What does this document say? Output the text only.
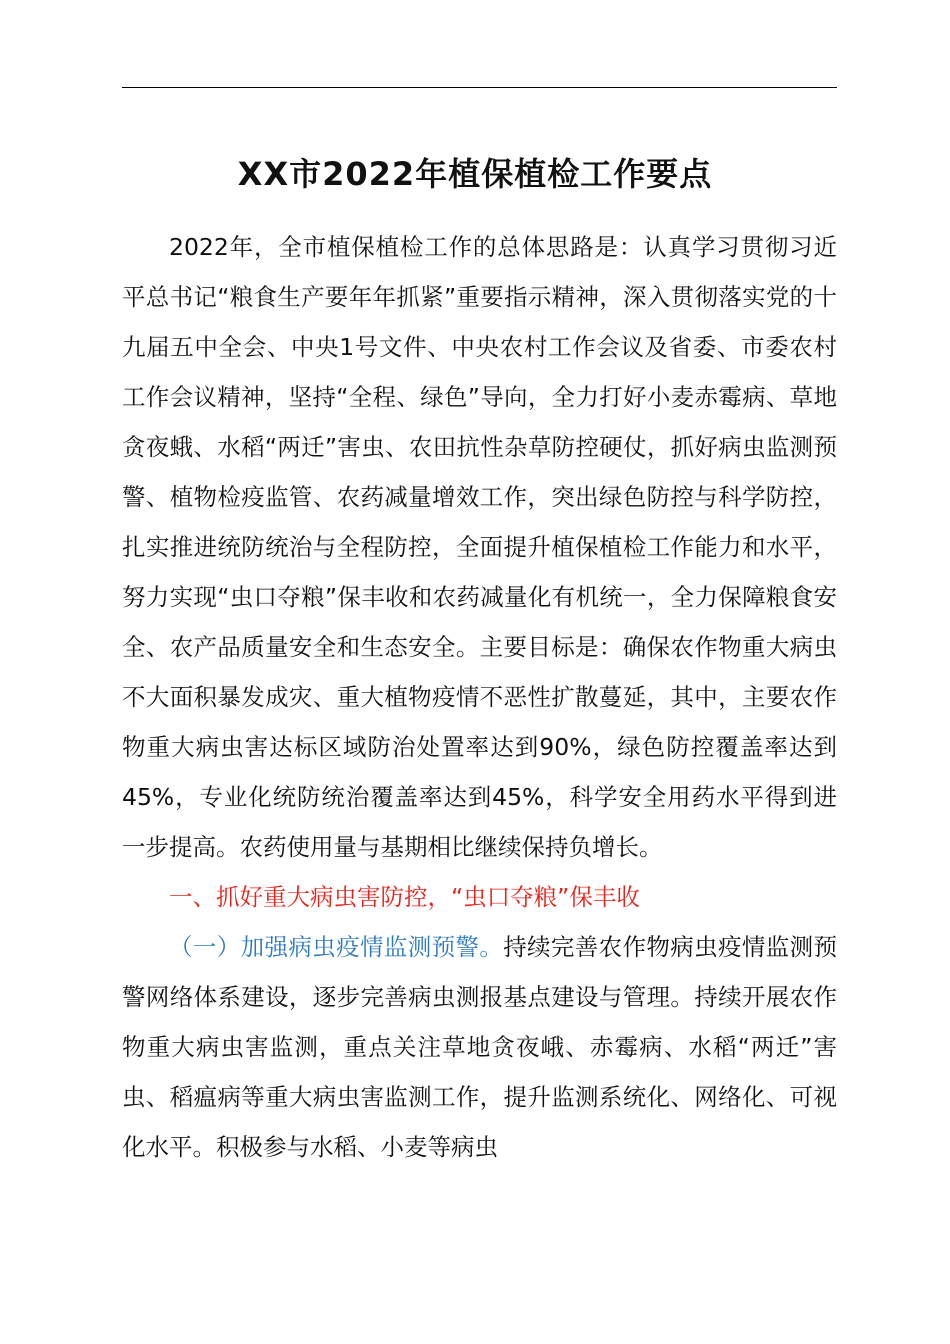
XX市2022年植保植检工作要点

2022年，全市植保植检工作的总体思路是：认真学习贯彻习近平总书记“粮食生产要年年抓紧”重要指示精神，深入贯彻落实党的十九届五中全会、中央1号文件、中央农村工作会议及省委、市委农村工作会议精神，坚持“全程、绿色”导向，全力打好小麦赤霉病、草地贪夜蛾、水稻“两迁”害虫、农田抗性杂草防控硬仗，抓好病虫监测预警、植物检疫监管、农药减量增效工作，突出绿色防控与科学防控，扎实推进统防统治与全程防控，全面提升植保植检工作能力和水平，努力实现“虫口夺粮”保丰收和农药减量化有机统一，全力保障粮食安全、农产品质量安全和生态安全。主要目标是：确保农作物重大病虫不大面积暴发成灾、重大植物疫情不恶性扩散蔓延，其中，主要农作物重大病虫害达标区域防治处置率达到90%，绿色防控覆盖率达到45%，专业化统防统治覆盖率达到45%，科学安全用药水平得到进一步提高。农药使用量与基期相比继续保持负增长。

一、抓好重大病虫害防控，“虫口夺粮”保丰收

（一）加强病虫疫情监测预警。持续完善农作物病虫疫情监测预警网络体系建设，逐步完善病虫测报基点建设与管理。持续开展农作物重大病虫害监测，重点关注草地贪夜峨、赤霉病、水稻“两迁”害虫、稻瘟病等重大病虫害监测工作，提升监测系统化、网络化、可视化水平。积极参与水稻、小麦等病虫
